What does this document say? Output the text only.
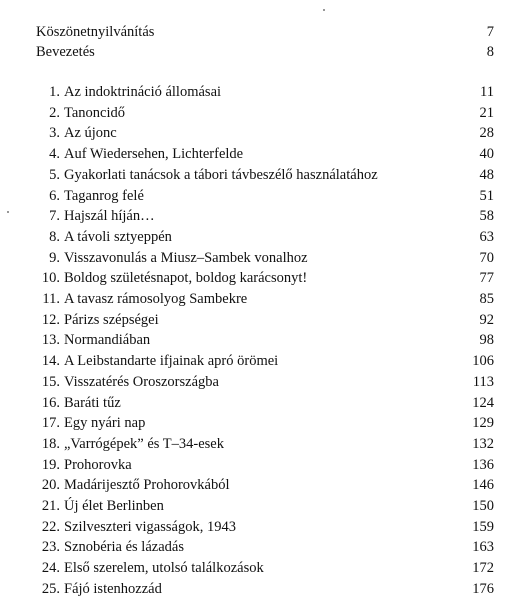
Köszönetnyilvánítás	7
Bevezetés	8
1. Az indoktrináció állomásai	11
2. Tanoncidő	21
3. Az újonc	28
4. Auf Wiedersehen, Lichterfelde	40
5. Gyakorlati tanácsok a tábori távbeszélő használatához	48
6. Taganrog felé	51
7. Hajszál híján…	58
8. A távoli sztyeppén	63
9. Visszavonulás a Miusz–Sambek vonalhoz	70
10. Boldog születésnapot, boldog karácsonyt!	77
11. A tavasz rámosolyog Sambekre	85
12. Párizs szépségei	92
13. Normandiában	98
14. A Leibstandarte ifjainak apró örömei	106
15. Visszatérés Oroszországba	113
16. Baráti tűz	124
17. Egy nyári nap	129
18. „Varrógépek” és T–34-esek	132
19. Prohorovka	136
20. Madárijesztő Prohorovkából	146
21. Új élet Berlinben	150
22. Szilveszteri vigasságok, 1943	159
23. Sznobéria és lázadás	163
24. Első szerelem, utolsó találkozások	172
25. Fájó istenhozzád	176
